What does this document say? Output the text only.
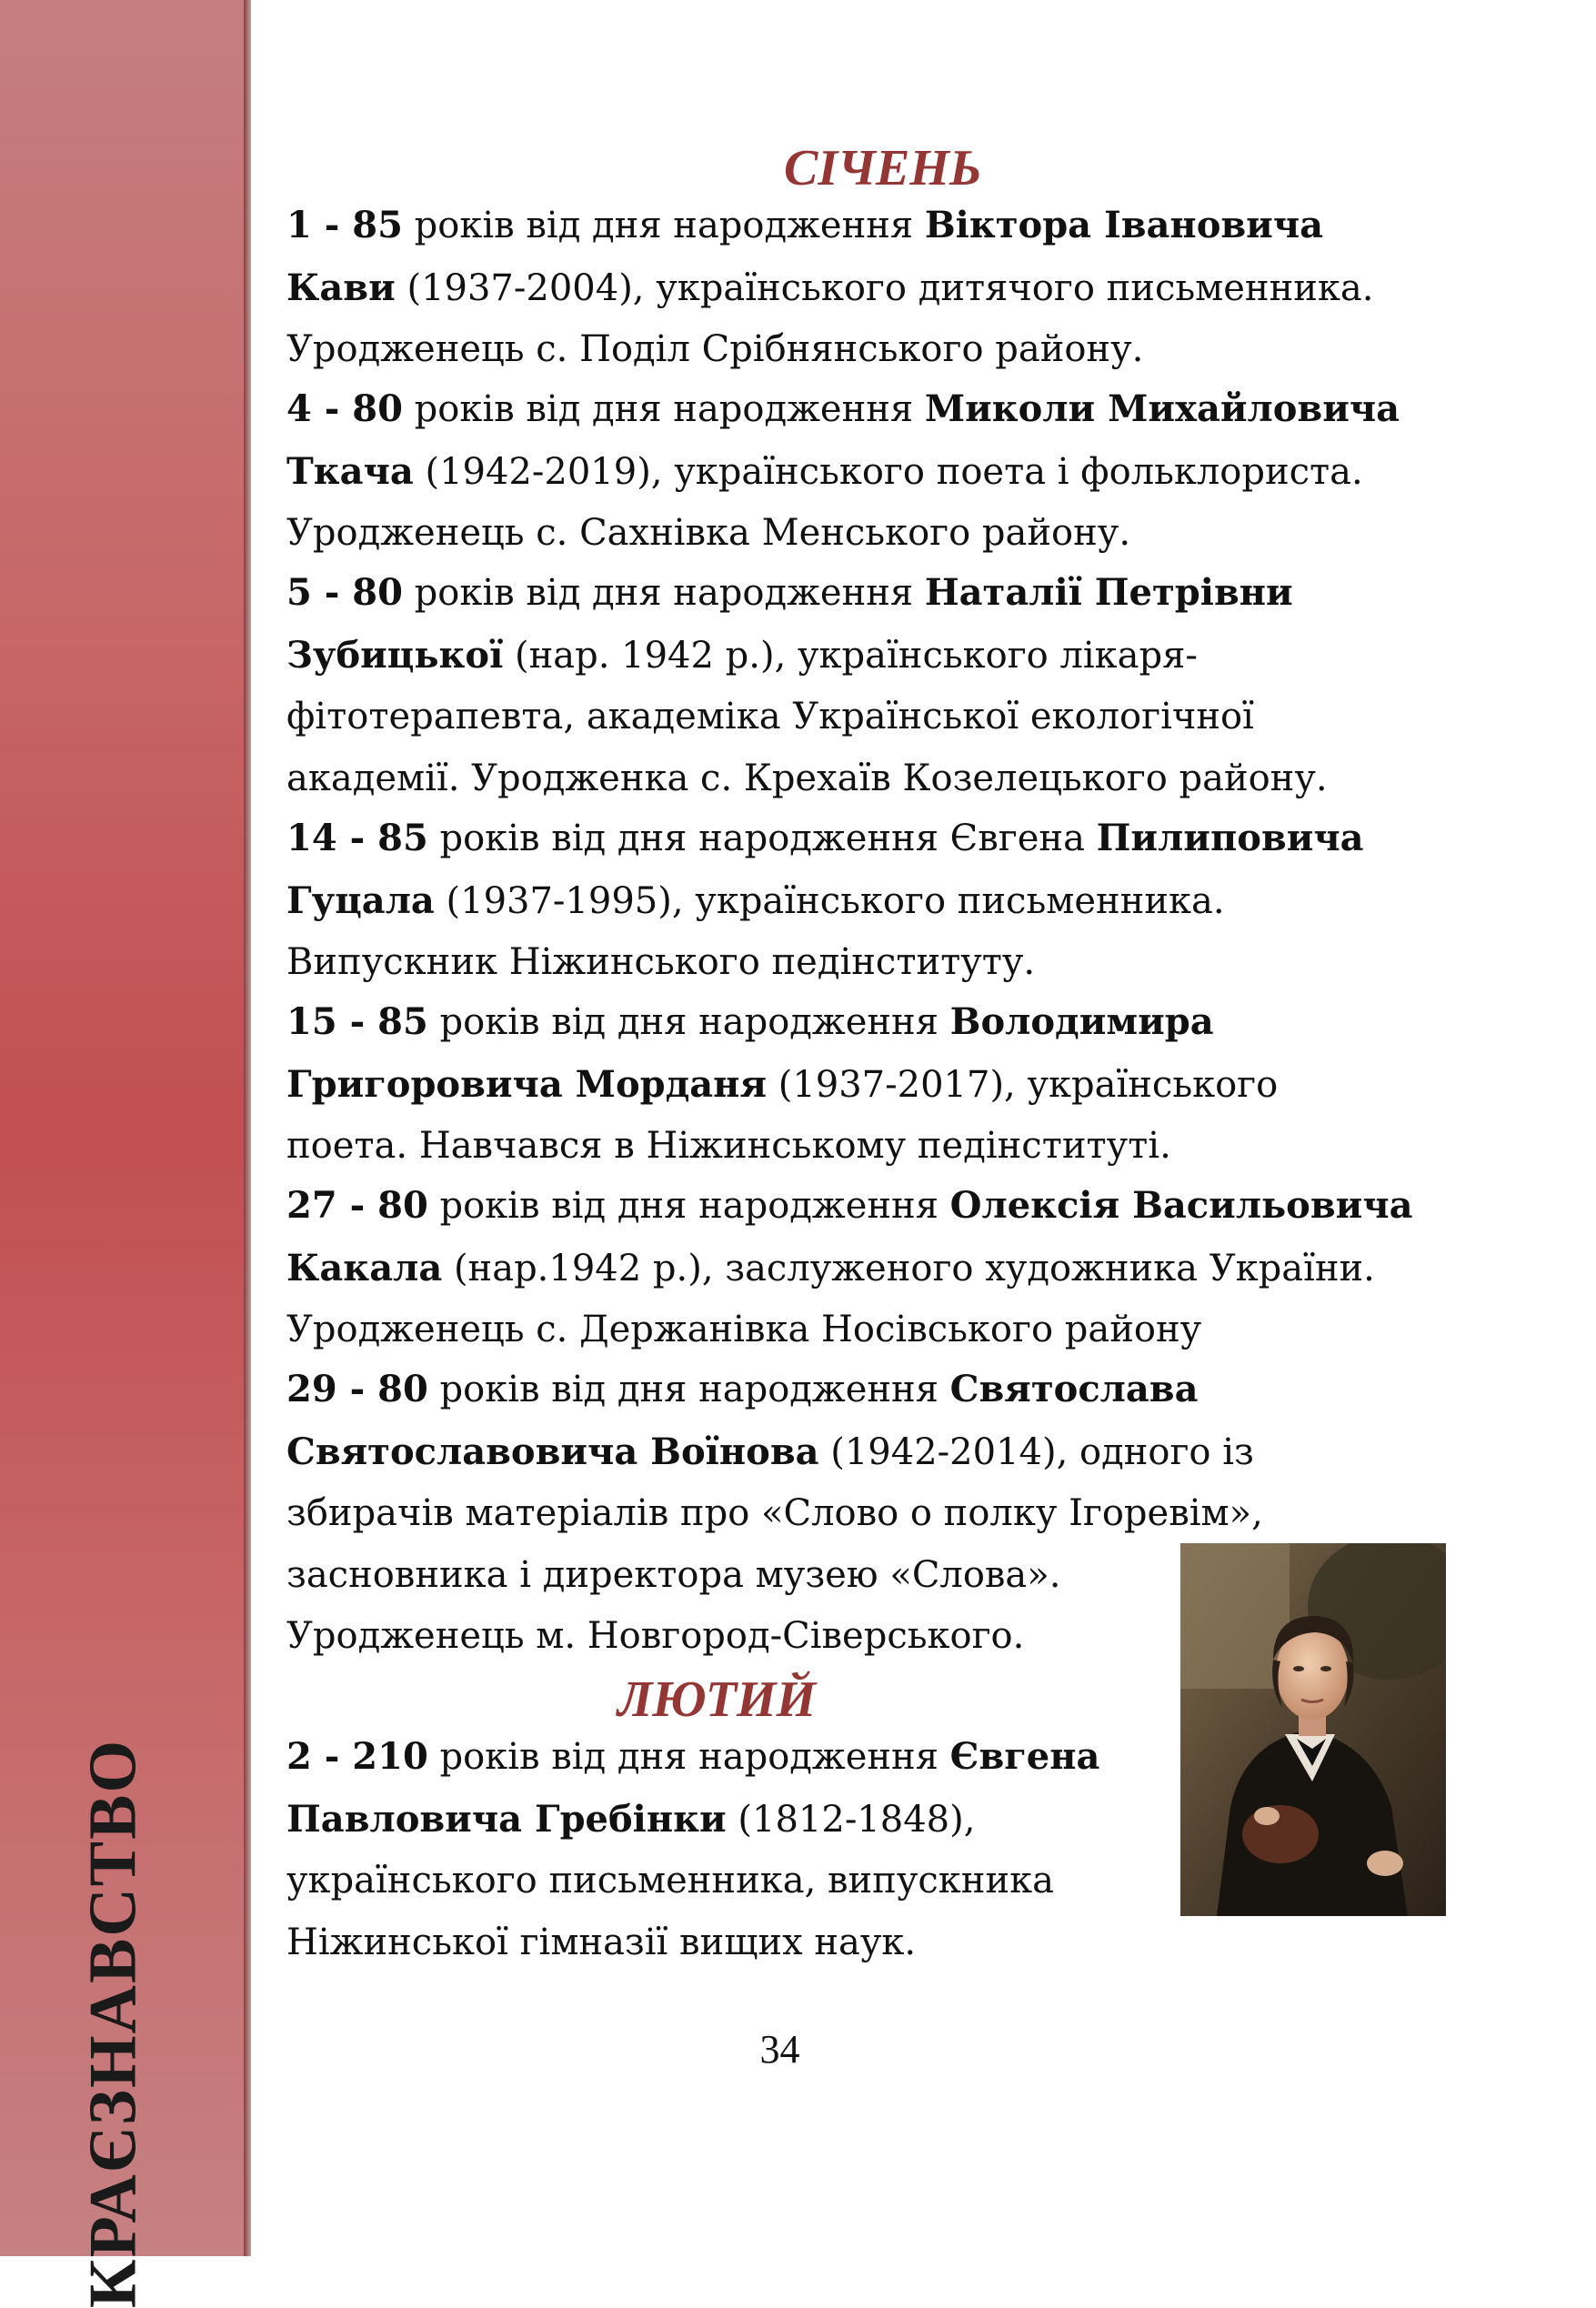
КРАЄЗНАВСТВО
СІЧЕНЬ

1 - 85 років від дня народження Віктора Івановича
Кави (1937-2004), українського дитячого письменника.
Уродженець с. Поділ Срібнянського району.

4 - 80 років від дня народження Миколи Михайловича
Ткача (1942-2019), українського поета і фольклориста.
Уродженець с. Сахнівка Менського району.

5 - 80 років від дня народження Наталії Петрівни
Зубицької (нар. 1942 р.), українського лікаря-
фітотерапевта, академіка Української екологічної
академії. Уродженка с. Крехаїв Козелецького району.

14 - 85 років від дня народження Євгена Пилиповича
Гуцала (1937-1995), українського письменника.
Випускник Ніжинського педінституту.

15 - 85 років від дня народження Володимира
Григоровича Морданя (1937-2017), українського
поета. Навчався в Ніжинському педінституті.

27 - 80 років від дня народження Олексія Васильовича
Какала (нар.1942 р.), заслуженого художника України.
Уродженець с. Держанівка Носівського району

29 - 80 років від дня народження Святослава
Святославовича Воїнова (1942-2014), одного із
збирачів матеріалів про «Слово о полку Ігоревім»,
засновника і директора музею «Слова».
Уродженець м. Новгород-Сіверського.

ЛЮТИЙ

2 - 210 років від дня народження Євгена
Павловича Гребінки (1812-1848),
українського письменника, випускника
Ніжинської гімназії вищих наук.

34
